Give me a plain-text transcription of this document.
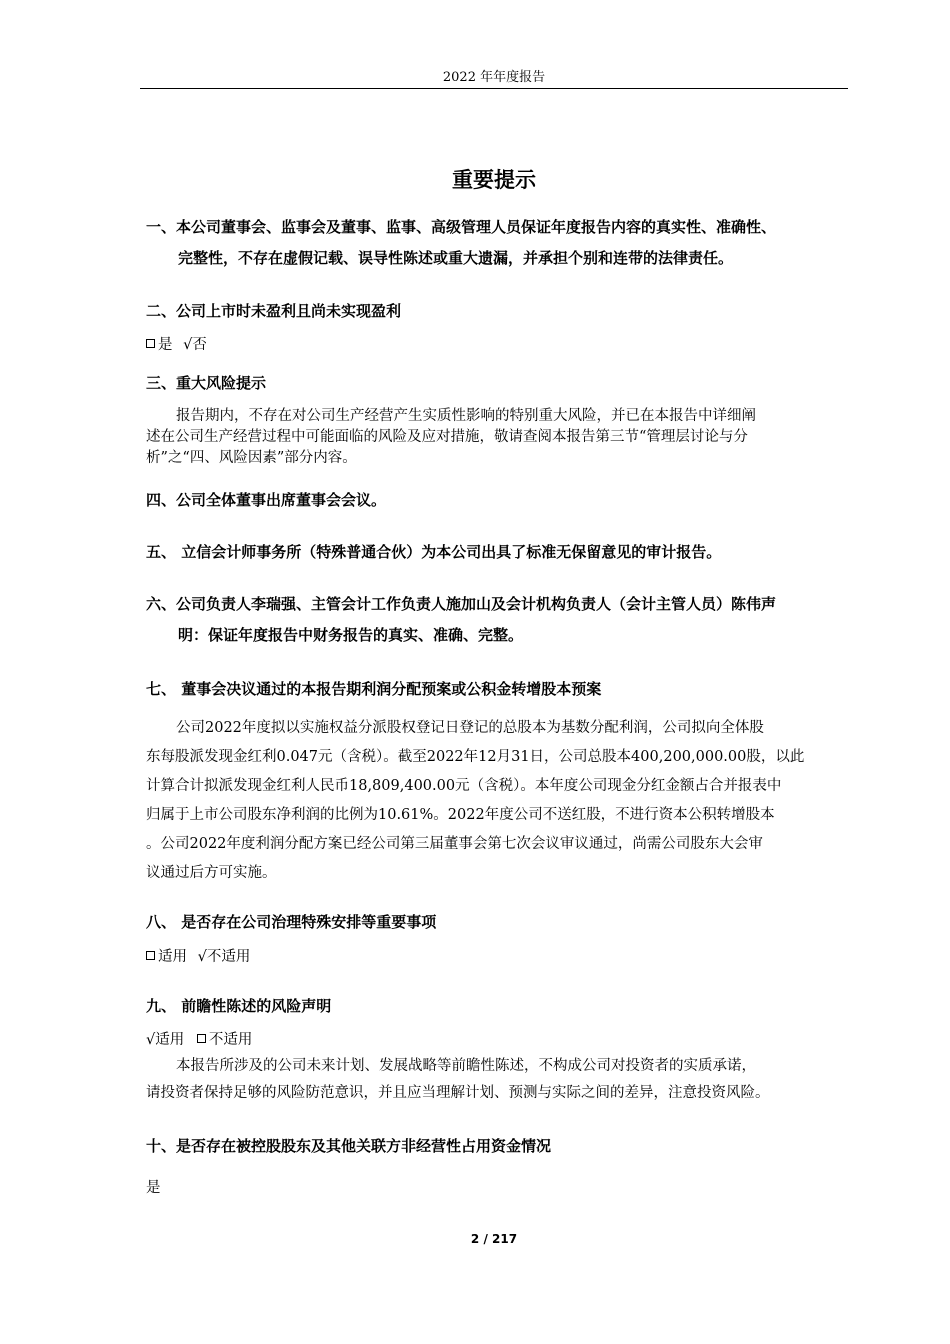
2022 年年度报告
重要提示
一、本公司董事会、监事会及董事、监事、高级管理人员保证年度报告内容的真实性、准确性、
完整性，不存在虚假记载、误导性陈述或重大遗漏，并承担个别和连带的法律责任。
二、公司上市时未盈利且尚未实现盈利
是 √否
三、重大风险提示
报告期内，不存在对公司生产经营产生实质性影响的特别重大风险，并已在本报告中详细阐
述在公司生产经营过程中可能面临的风险及应对措施，敬请查阅本报告第三节“管理层讨论与分
析”之“四、风险因素”部分内容。
四、公司全体董事出席董事会会议。
五、 立信会计师事务所（特殊普通合伙）为本公司出具了标准无保留意见的审计报告。
六、公司负责人李瑞强、主管会计工作负责人施加山及会计机构负责人（会计主管人员）陈伟声
明：保证年度报告中财务报告的真实、准确、完整。
七、 董事会决议通过的本报告期利润分配预案或公积金转增股本预案
公司2022年度拟以实施权益分派股权登记日登记的总股本为基数分配利润，公司拟向全体股
东每股派发现金红利0.047元（含税）。截至2022年12月31日，公司总股本400,200,000.00股，以此
计算合计拟派发现金红利人民币18,809,400.00元（含税）。本年度公司现金分红金额占合并报表中
归属于上市公司股东净利润的比例为10.61%。2022年度公司不送红股，不进行资本公积转增股本
。公司2022年度利润分配方案已经公司第三届董事会第七次会议审议通过，尚需公司股东大会审
议通过后方可实施。
八、 是否存在公司治理特殊安排等重要事项
适用 √不适用
九、 前瞻性陈述的风险声明
√适用 不适用
本报告所涉及的公司未来计划、发展战略等前瞻性陈述，不构成公司对投资者的实质承诺，
请投资者保持足够的风险防范意识，并且应当理解计划、预测与实际之间的差异，注意投资风险。
十、是否存在被控股股东及其他关联方非经营性占用资金情况
是
2 / 217
